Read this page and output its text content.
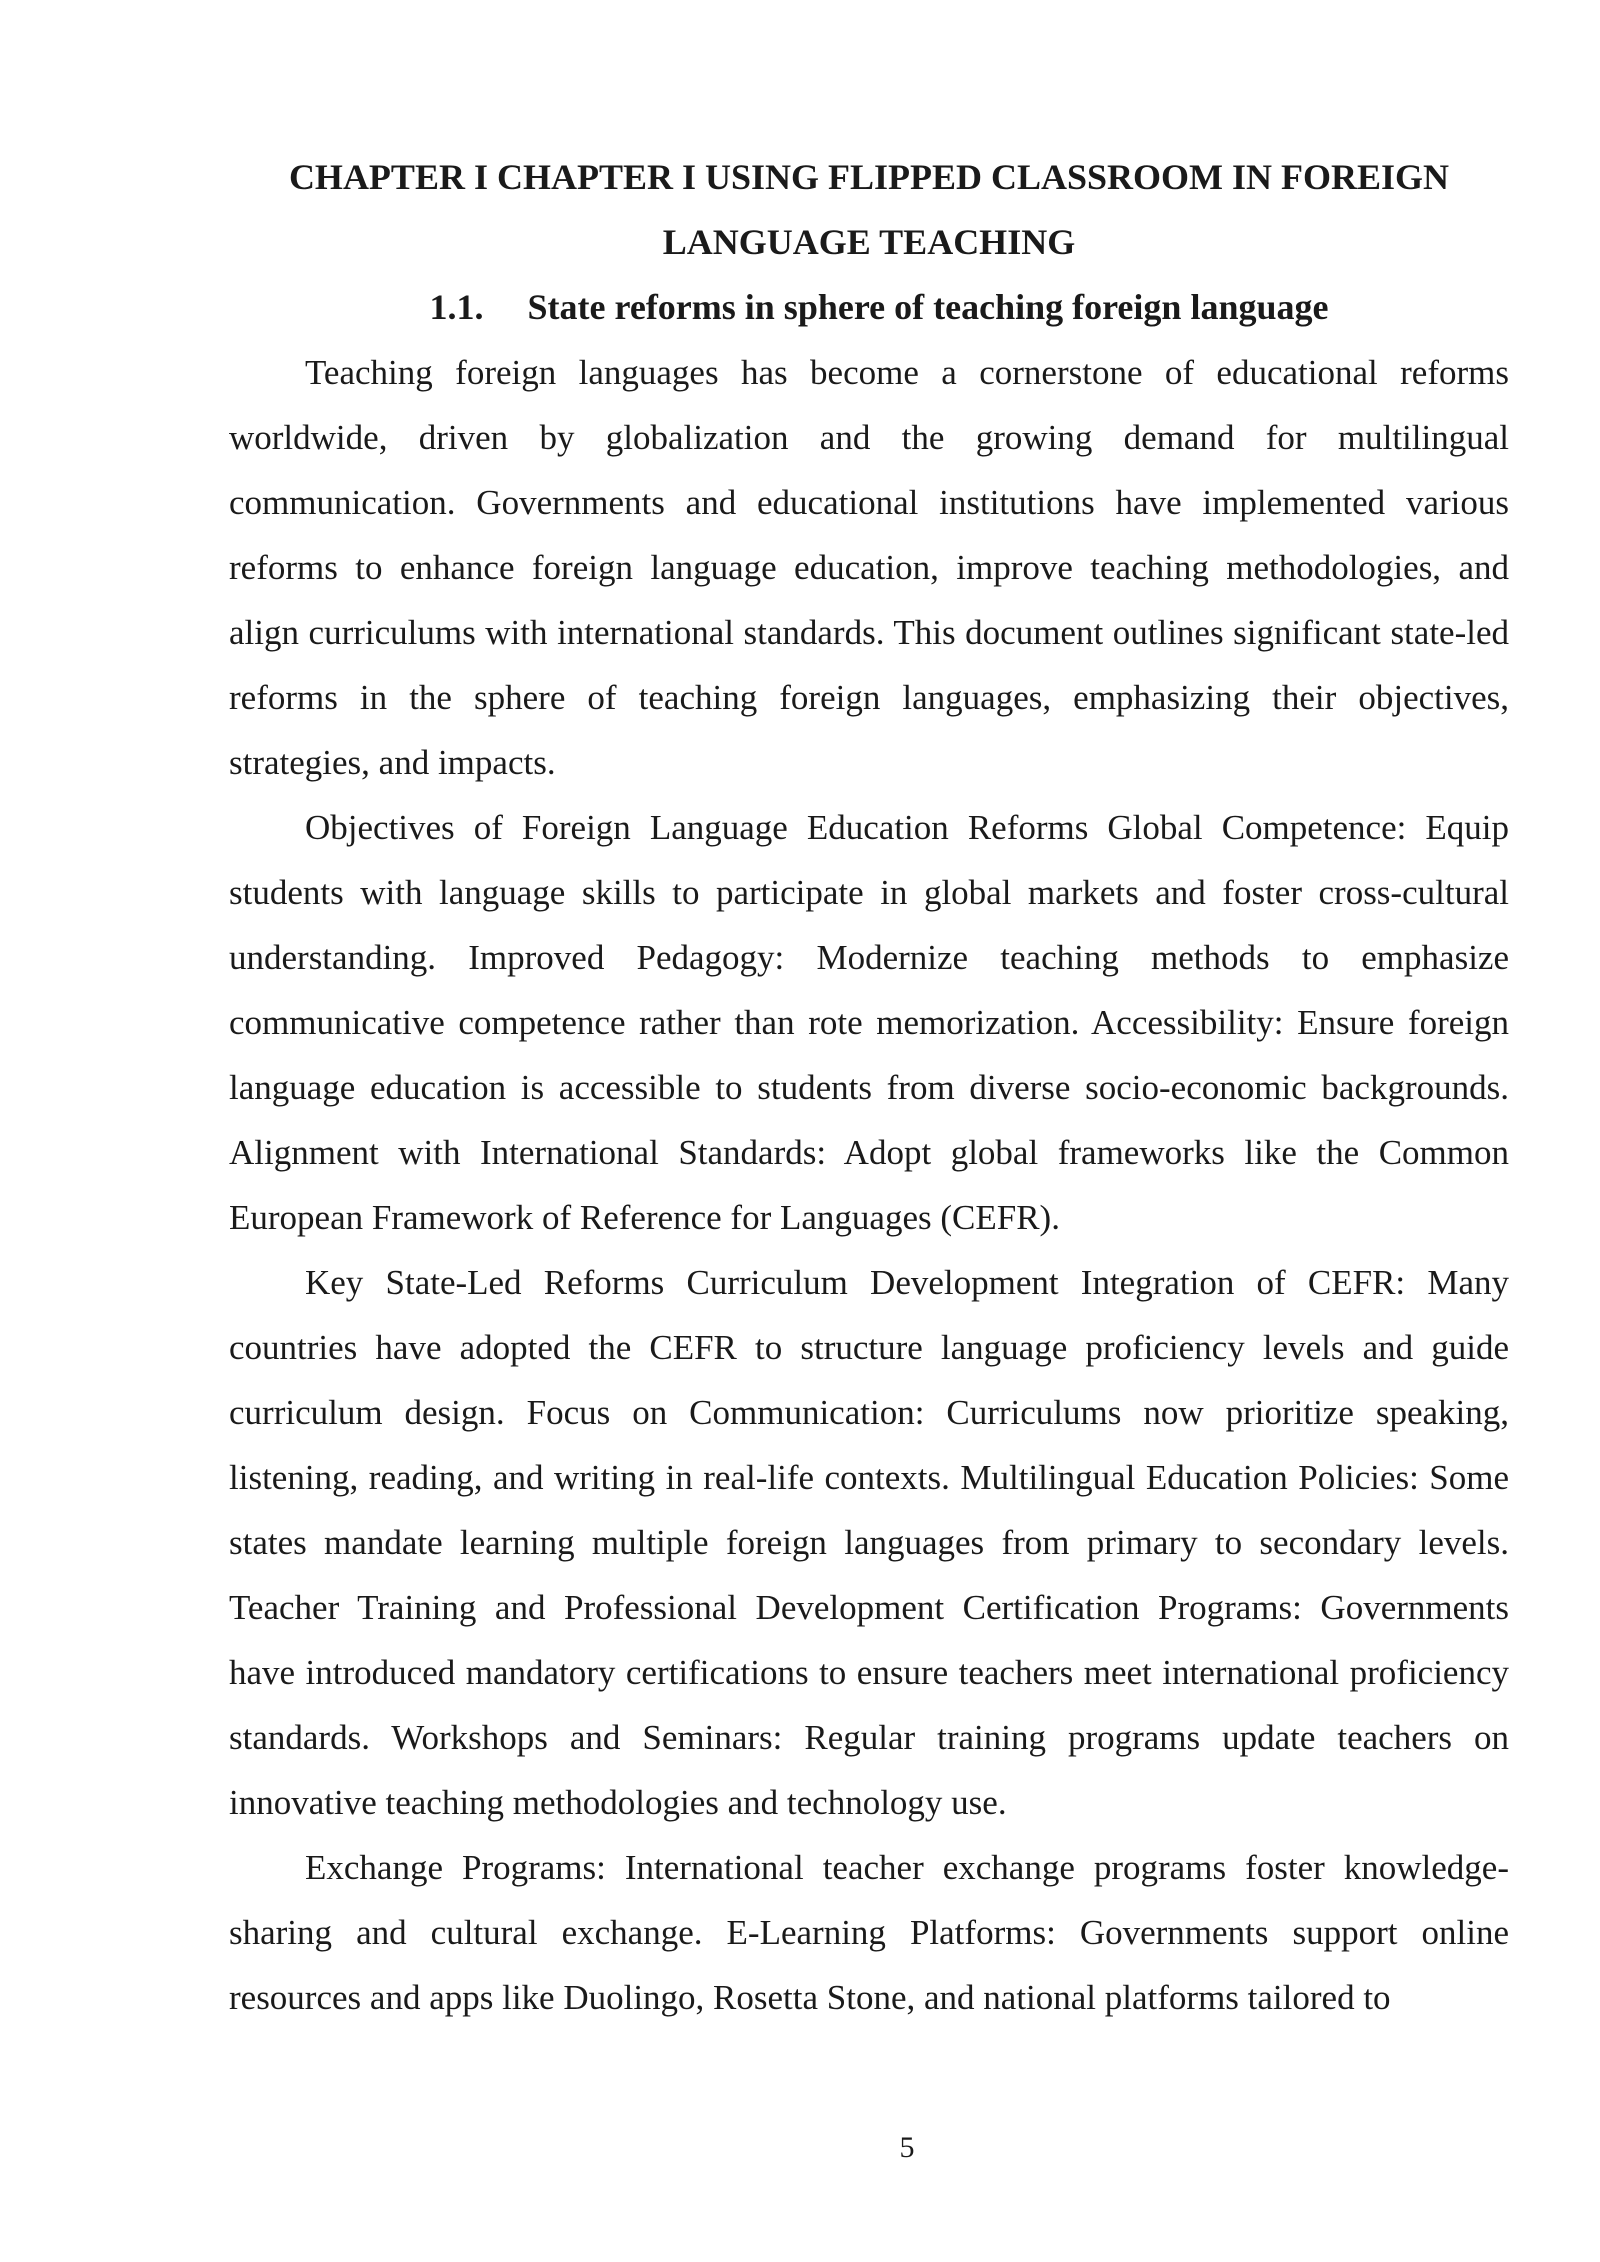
CHAPTER I CHAPTER I USING FLIPPED CLASSROOM IN FOREIGN LANGUAGE TEACHING
1.1. State reforms in sphere of teaching foreign language

Teaching foreign languages has become a cornerstone of educational reforms worldwide, driven by globalization and the growing demand for multilingual communication. Governments and educational institutions have implemented various reforms to enhance foreign language education, improve teaching methodologies, and align curriculums with international standards. This document outlines significant state-led reforms in the sphere of teaching foreign languages, emphasizing their objectives, strategies, and impacts.

Objectives of Foreign Language Education Reforms Global Competence: Equip students with language skills to participate in global markets and foster cross-cultural understanding. Improved Pedagogy: Modernize teaching methods to emphasize communicative competence rather than rote memorization. Accessibility: Ensure foreign language education is accessible to students from diverse socio-economic backgrounds. Alignment with International Standards: Adopt global frameworks like the Common European Framework of Reference for Languages (CEFR).

Key State-Led Reforms Curriculum Development Integration of CEFR: Many countries have adopted the CEFR to structure language proficiency levels and guide curriculum design. Focus on Communication: Curriculums now prioritize speaking, listening, reading, and writing in real-life contexts. Multilingual Education Policies: Some states mandate learning multiple foreign languages from primary to secondary levels. Teacher Training and Professional Development Certification Programs: Governments have introduced mandatory certifications to ensure teachers meet international proficiency standards. Workshops and Seminars: Regular training programs update teachers on innovative teaching methodologies and technology use.

Exchange Programs: International teacher exchange programs foster knowledge-sharing and cultural exchange. E-Learning Platforms: Governments support online resources and apps like Duolingo, Rosetta Stone, and national platforms tailored to

5
